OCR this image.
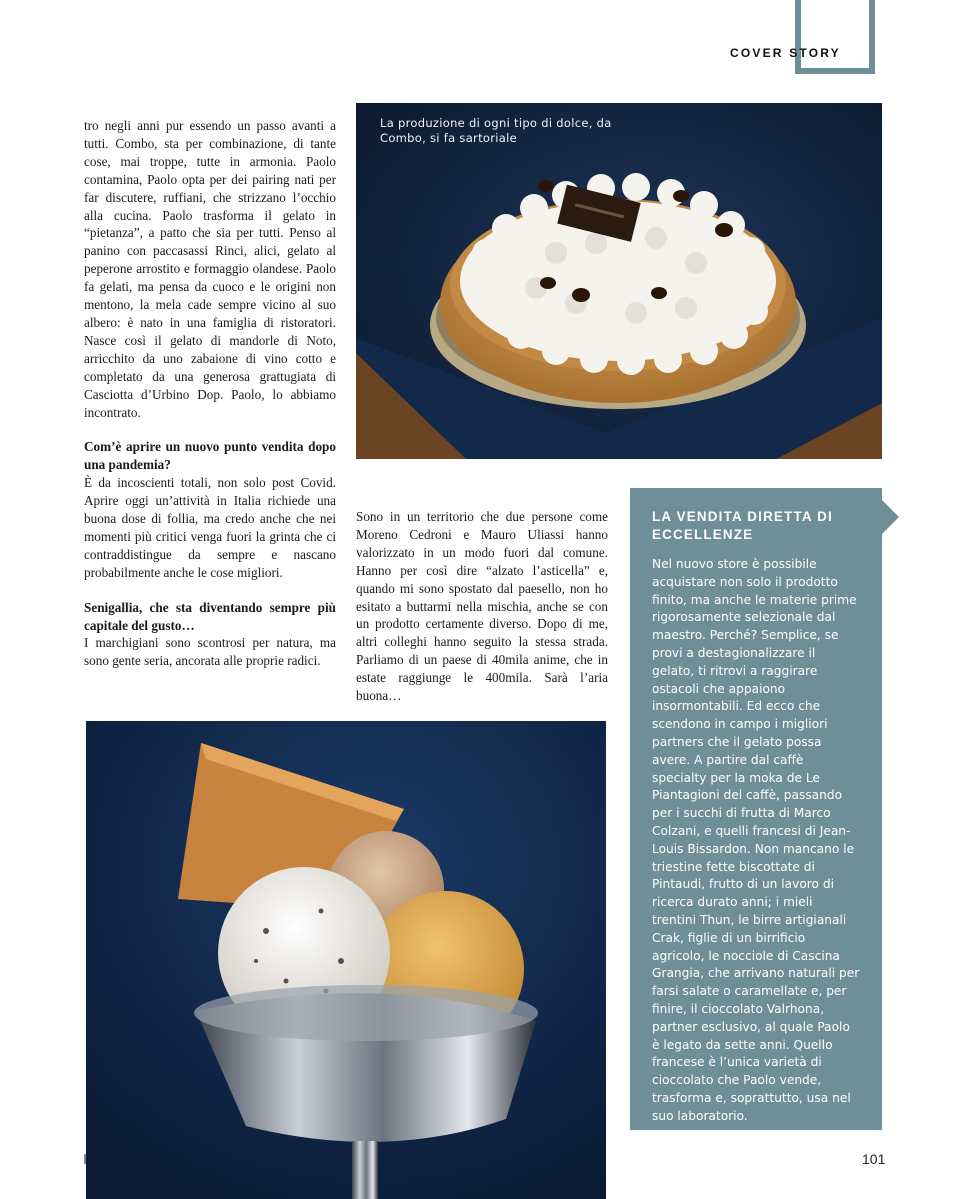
COVER STORY

tro negli anni pur essendo un passo avanti a tutti. Combo, sta per combinazione, di tante cose, mai troppe, tutte in armonia. Paolo contamina, Paolo opta per dei pairing nati per far discutere, ruffiani, che strizzano l’occhio alla cucina. Paolo trasforma il gelato in “pietanza”, a patto che sia per tutti. Penso al panino con paccasassi Rinci, alici, gelato al peperone arrostito e formaggio olandese. Paolo fa gelati, ma pensa da cuoco e le origini non mentono, la mela cade sempre vicino al suo albero: è nato in una famiglia di ristoratori. Nasce così il gelato di mandorle di Noto, arricchito da uno zabaione di vino cotto e completato da una generosa grattugiata di Casciotta d’Urbino Dop. Paolo, lo abbiamo incontrato.

Com’è aprire un nuovo punto vendita dopo una pandemia?

È da incoscienti totali, non solo post Covid. Aprire oggi un’attività in Italia richiede una buona dose di follia, ma credo anche che nei momenti più critici venga fuori la grinta che ci contraddistingue da sempre e nascano probabilmente anche le cose migliori.

Senigallia, che sta diventando sempre più capitale del gusto…

I marchigiani sono scontrosi per natura, ma sono gente seria, ancorata alle proprie radici.

La produzione di ogni tipo di dolce, da Combo, si fa sartoriale

Sono in un territorio che due persone come Moreno Cedroni e Mauro Uliassi hanno valorizzato in un modo fuori dal comune. Hanno per così dire “alzato l’asticella” e, quando mi sono spostato dal paesello, non ho esitato a buttarmi nella mischia, anche se con un prodotto certamente diverso. Dopo di me, altri colleghi hanno seguito la stessa strada. Parliamo di un paese di 40mila anime, che in estate raggiunge le 400mila. Sarà l’aria buona…

LA VENDITA DIRETTA DI ECCELLENZE

Nel nuovo store è possibile acquistare non solo il prodotto finito, ma anche le materie prime rigorosamente selezionale dal maestro. Perché? Semplice, se provi a destagionalizzare il gelato, ti ritrovi a raggirare ostacoli che appaiono insormontabili. Ed ecco che scendono in campo i migliori partners che il gelato possa avere. A partire dal caffè specialty per la moka de Le Piantagioni del caffè, passando per i succhi di frutta di Marco Colzani, e quelli francesi di Jean-Louis Bissardon. Non mancano le triestine fette biscottate di Pintaudi, frutto di un lavoro di ricerca durato anni; i mieli trentini Thun, le birre artigianali Crak, figlie di un birrificio agricolo, le nocciole di Cascina Grangia, che arrivano naturali per farsi salate o caramellate e, per finire, il cioccolato Valrhona, partner esclusivo, al quale Paolo è legato da sette anni. Quello francese è l’unica varietà di cioccolato che Paolo vende, trasforma e, soprattutto, usa nel suo laboratorio.

101
